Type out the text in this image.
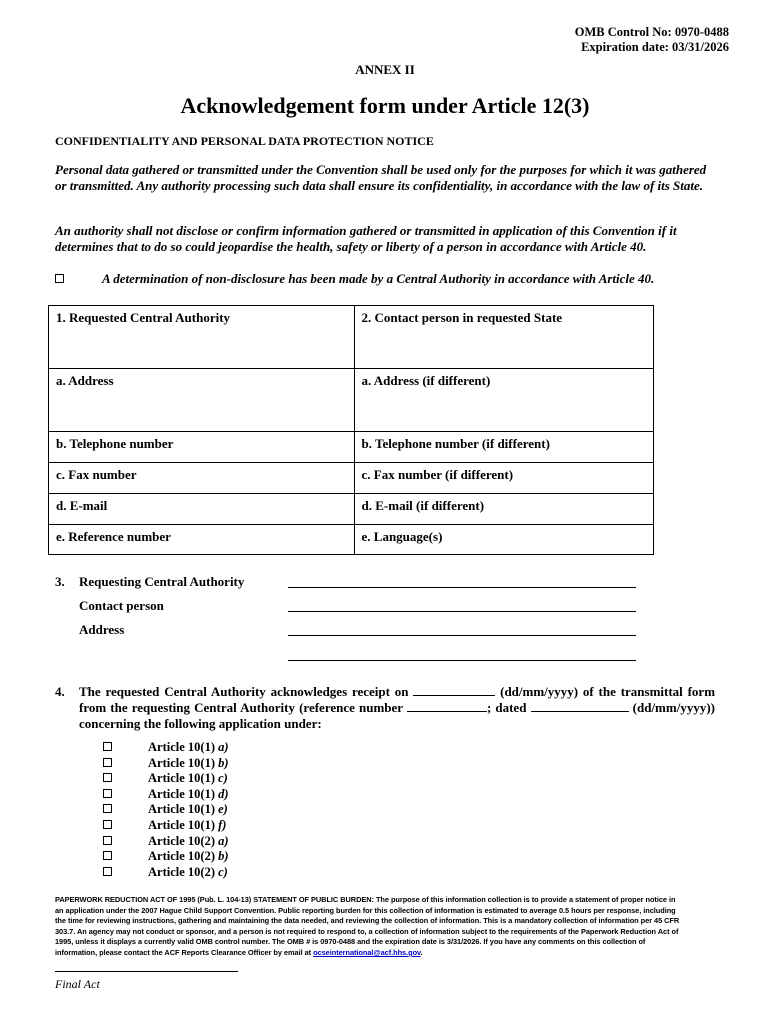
OMB Control No: 0970-0488
Expiration date: 03/31/2026
ANNEX II
Acknowledgement form under Article 12(3)
CONFIDENTIALITY AND PERSONAL DATA PROTECTION NOTICE
Personal data gathered or transmitted under the Convention shall be used only for the purposes for which it was gathered or transmitted. Any authority processing such data shall ensure its confidentiality, in accordance with the law of its State.
An authority shall not disclose or confirm information gathered or transmitted in application of this Convention if it determines that to do so could jeopardise the health, safety or liberty of a person in accordance with Article 40.
A determination of non-disclosure has been made by a Central Authority in accordance with Article 40.
1. Requested Central Authority	2. Contact person in requested State
a. Address	a. Address (if different)
b. Telephone number	b. Telephone number (if different)
c. Fax number	c. Fax number (if different)
d. E-mail	d. E-mail (if different)
e. Reference number	e. Language(s)
3. Requesting Central Authority
Contact person
Address
4. The requested Central Authority acknowledges receipt on	(dd/mm/yyyy) of the transmittal form from the requesting Central Authority (reference number	; dated	(dd/mm/yyyy)) concerning the following application under:
Article 10(1) a)
Article 10(1) b)
Article 10(1) c)
Article 10(1) d)
Article 10(1) e)
Article 10(1) f)
Article 10(2) a)
Article 10(2) b)
Article 10(2) c)
PAPERWORK REDUCTION ACT OF 1995 (Pub. L. 104-13) STATEMENT OF PUBLIC BURDEN: The purpose of this information collection is to provide a statement of proper notice in an application under the 2007 Hague Child Support Convention. Public reporting burden for this collection of information is estimated to average 0.5 hours per response, including the time for reviewing instructions, gathering and maintaining the data needed, and reviewing the collection of information. This is a mandatory collection of information per 45 CFR 303.7. An agency may not conduct or sponsor, and a person is not required to respond to, a collection of information subject to the requirements of the Paperwork Reduction Act of 1995, unless it displays a currently valid OMB control number. The OMB # is 0970-0488 and the expiration date is 3/31/2026. If you have any comments on this collection of information, please contact the ACF Reports Clearance Officer by email at ocseinternational@acf.hhs.gov.
Final Act
